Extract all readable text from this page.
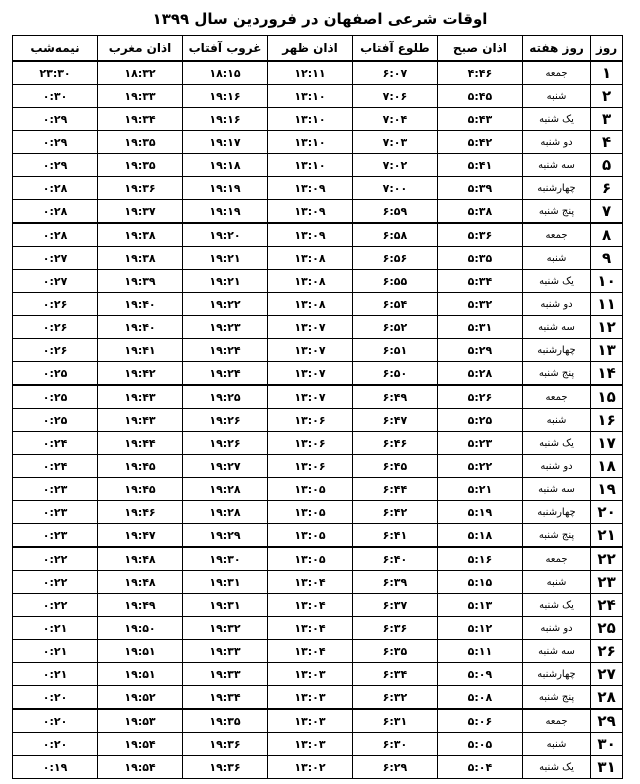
اوقات شرعی اصفهان در فروردین سال ۱۳۹۹
روز	روز هفته	اذان صبح	طلوع آفتاب	اذان ظهر	غروب آفتاب	اذان مغرب	نیمه‌شب
۱	جمعه	۴:۴۶	۶:۰۷	۱۲:۱۱	۱۸:۱۵	۱۸:۳۲	۲۳:۳۰
۲	شنبه	۵:۴۵	۷:۰۶	۱۳:۱۰	۱۹:۱۶	۱۹:۳۳	۰:۳۰
۳	یک شنبه	۵:۴۳	۷:۰۴	۱۳:۱۰	۱۹:۱۶	۱۹:۳۴	۰:۲۹
۴	دو شنبه	۵:۴۲	۷:۰۳	۱۳:۱۰	۱۹:۱۷	۱۹:۳۵	۰:۲۹
۵	سه شنبه	۵:۴۱	۷:۰۲	۱۳:۱۰	۱۹:۱۸	۱۹:۳۵	۰:۲۹
۶	چهارشنبه	۵:۳۹	۷:۰۰	۱۳:۰۹	۱۹:۱۹	۱۹:۳۶	۰:۲۸
۷	پنج شنبه	۵:۳۸	۶:۵۹	۱۳:۰۹	۱۹:۱۹	۱۹:۳۷	۰:۲۸
۸	جمعه	۵:۳۶	۶:۵۸	۱۳:۰۹	۱۹:۲۰	۱۹:۳۸	۰:۲۸
۹	شنبه	۵:۳۵	۶:۵۶	۱۳:۰۸	۱۹:۲۱	۱۹:۳۸	۰:۲۷
۱۰	یک شنبه	۵:۳۴	۶:۵۵	۱۳:۰۸	۱۹:۲۱	۱۹:۳۹	۰:۲۷
۱۱	دو شنبه	۵:۳۲	۶:۵۴	۱۳:۰۸	۱۹:۲۲	۱۹:۴۰	۰:۲۶
۱۲	سه شنبه	۵:۳۱	۶:۵۲	۱۳:۰۷	۱۹:۲۳	۱۹:۴۰	۰:۲۶
۱۳	چهارشنبه	۵:۲۹	۶:۵۱	۱۳:۰۷	۱۹:۲۴	۱۹:۴۱	۰:۲۶
۱۴	پنج شنبه	۵:۲۸	۶:۵۰	۱۳:۰۷	۱۹:۲۴	۱۹:۴۲	۰:۲۵
۱۵	جمعه	۵:۲۶	۶:۴۹	۱۳:۰۷	۱۹:۲۵	۱۹:۴۳	۰:۲۵
۱۶	شنبه	۵:۲۵	۶:۴۷	۱۳:۰۶	۱۹:۲۶	۱۹:۴۳	۰:۲۵
۱۷	یک شنبه	۵:۲۳	۶:۴۶	۱۳:۰۶	۱۹:۲۶	۱۹:۴۴	۰:۲۴
۱۸	دو شنبه	۵:۲۲	۶:۴۵	۱۳:۰۶	۱۹:۲۷	۱۹:۴۵	۰:۲۴
۱۹	سه شنبه	۵:۲۱	۶:۴۴	۱۳:۰۵	۱۹:۲۸	۱۹:۴۵	۰:۲۳
۲۰	چهارشنبه	۵:۱۹	۶:۴۲	۱۳:۰۵	۱۹:۲۸	۱۹:۴۶	۰:۲۳
۲۱	پنج شنبه	۵:۱۸	۶:۴۱	۱۳:۰۵	۱۹:۲۹	۱۹:۴۷	۰:۲۳
۲۲	جمعه	۵:۱۶	۶:۴۰	۱۳:۰۵	۱۹:۳۰	۱۹:۴۸	۰:۲۲
۲۳	شنبه	۵:۱۵	۶:۳۹	۱۳:۰۴	۱۹:۳۱	۱۹:۴۸	۰:۲۲
۲۴	یک شنبه	۵:۱۳	۶:۳۷	۱۳:۰۴	۱۹:۳۱	۱۹:۴۹	۰:۲۲
۲۵	دو شنبه	۵:۱۲	۶:۳۶	۱۳:۰۴	۱۹:۳۲	۱۹:۵۰	۰:۲۱
۲۶	سه شنبه	۵:۱۱	۶:۳۵	۱۳:۰۴	۱۹:۳۳	۱۹:۵۱	۰:۲۱
۲۷	چهارشنبه	۵:۰۹	۶:۳۴	۱۳:۰۳	۱۹:۳۳	۱۹:۵۱	۰:۲۱
۲۸	پنج شنبه	۵:۰۸	۶:۳۲	۱۳:۰۳	۱۹:۳۴	۱۹:۵۲	۰:۲۰
۲۹	جمعه	۵:۰۶	۶:۳۱	۱۳:۰۳	۱۹:۳۵	۱۹:۵۳	۰:۲۰
۳۰	شنبه	۵:۰۵	۶:۳۰	۱۳:۰۳	۱۹:۳۶	۱۹:۵۴	۰:۲۰
۳۱	یک شنبه	۵:۰۴	۶:۲۹	۱۳:۰۲	۱۹:۳۶	۱۹:۵۴	۰:۱۹
